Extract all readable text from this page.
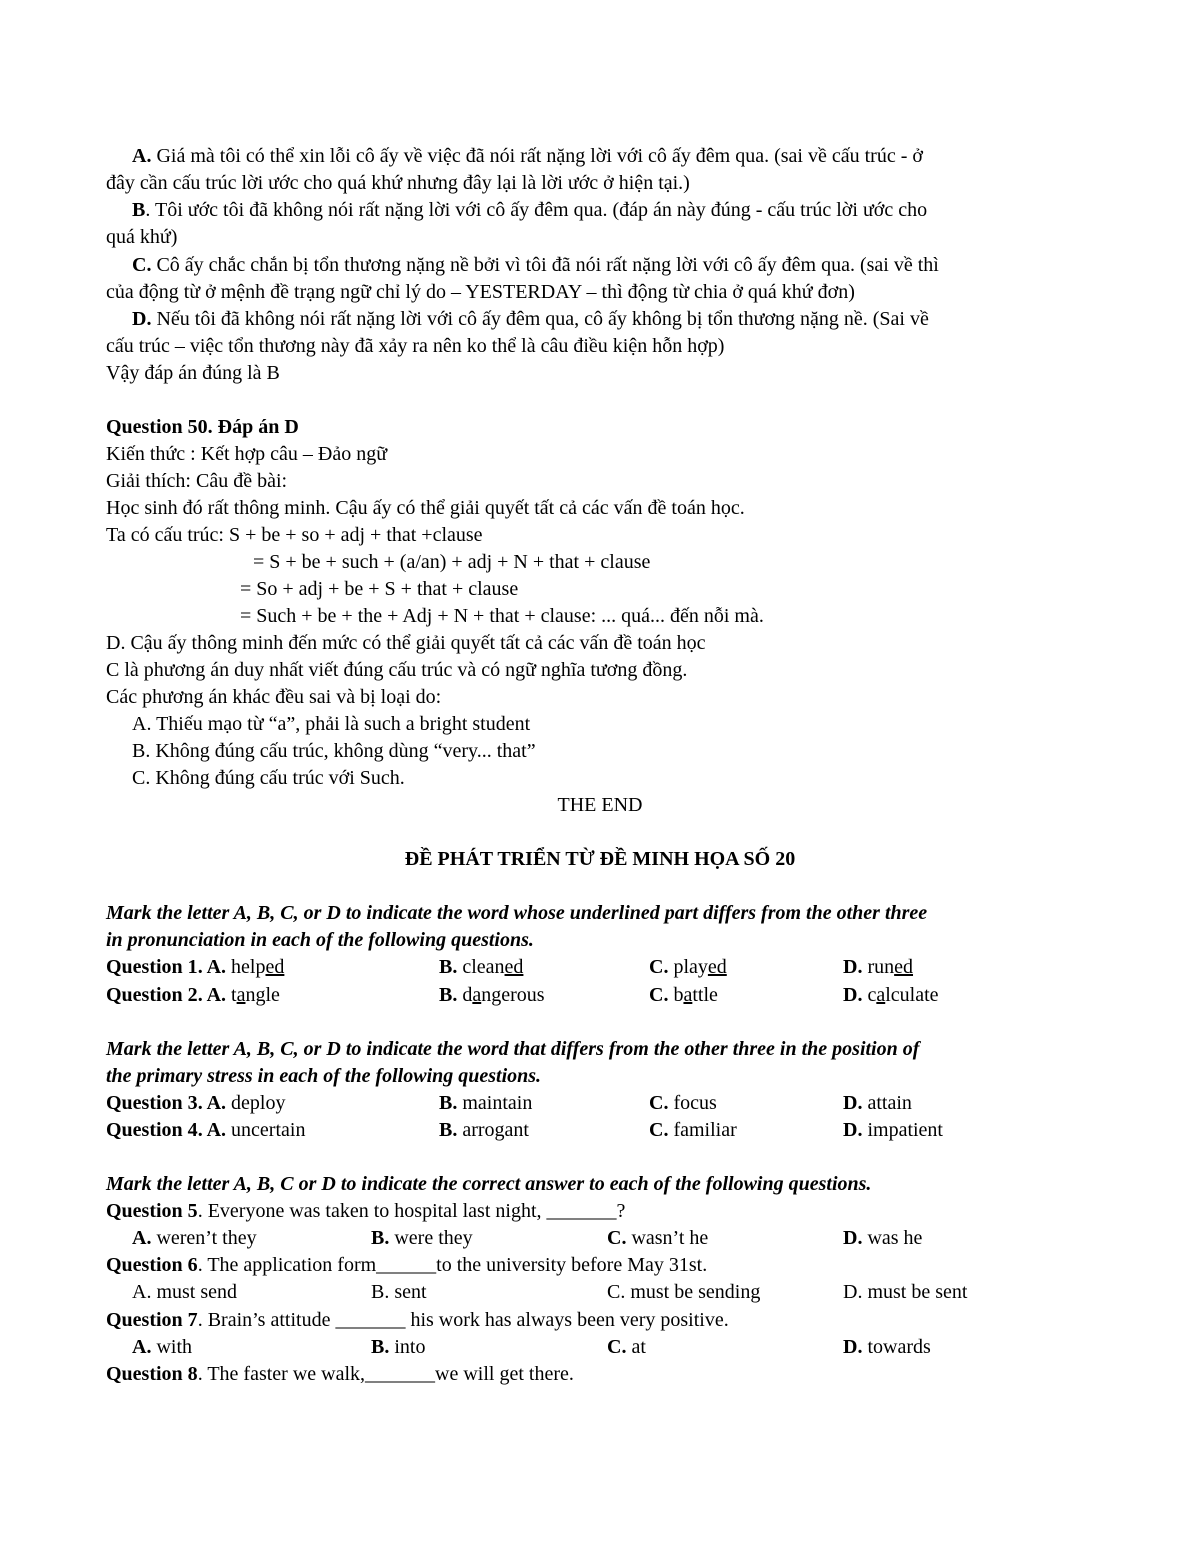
A. Giá mà tôi có thể xin lỗi cô ấy về việc đã nói rất nặng lời với cô ấy đêm qua. (sai về cấu trúc - ở
đây cần cấu trúc lời ước cho quá khứ nhưng đây lại là lời ước ở hiện tại.)
B. Tôi ước tôi đã không nói rất nặng lời với cô ấy đêm qua. (đáp án này đúng - cấu trúc lời ước cho
quá khứ)
C. Cô ấy chắc chắn bị tổn thương nặng nề bởi vì tôi đã nói rất nặng lời với cô ấy đêm qua. (sai về thì
của động từ ở mệnh đề trạng ngữ chỉ lý do – YESTERDAY – thì động từ chia ở quá khứ đơn)
D. Nếu tôi đã không nói rất nặng lời với cô ấy đêm qua, cô ấy không bị tổn thương nặng nề. (Sai về
cấu trúc – việc tổn thương này đã xảy ra nên ko thể là câu điều kiện hỗn hợp)
Vậy đáp án đúng là B
Question 50. Đáp án D
Kiến thức : Kết hợp câu – Đảo ngữ
Giải thích: Câu đề bài:
Học sinh đó rất thông minh. Cậu ấy có thể giải quyết tất cả các vấn đề toán học.
Ta có cấu trúc: S + be + so + adj + that +clause
= S + be + such + (a/an) + adj + N + that + clause
= So + adj + be + S + that + clause
= Such + be + the + Adj + N + that + clause: ... quá... đến nỗi mà.
D. Cậu ấy thông minh đến mức có thể giải quyết tất cả các vấn đề toán học
C là phương án duy nhất viết đúng cấu trúc và có ngữ nghĩa tương đồng.
Các phương án khác đều sai và bị loại do:
A. Thiếu mạo từ “a”, phải là such a bright student
B. Không đúng cấu trúc, không dùng “very... that”
C. Không đúng cấu trúc với Such.
THE END
ĐỀ PHÁT TRIỂN TỪ ĐỀ MINH HỌA SỐ 20
Mark the letter A, B, C, or D to indicate the word whose underlined part differs from the other three
in pronunciation in each of the following questions.
Question 1. A. helped	B. cleaned	C. played	D. runed
Question 2. A. tangle	B. dangerous	C. battle	D. calculate
Mark the letter A, B, C, or D to indicate the word that differs from the other three in the position of
the primary stress in each of the following questions.
Question 3. A. deploy	B. maintain	C. focus	D. attain
Question 4. A. uncertain	B. arrogant	C. familiar	D. impatient
Mark the letter A, B, C or D to indicate the correct answer to each of the following questions.
Question 5. Everyone was taken to hospital last night, _______?
A. weren’t they	B. were they	C. wasn’t he	D. was he
Question 6. The application form______to the university before May 31st.
A. must send	B. sent	C. must be sending	D. must be sent
Question 7. Brain’s attitude _______ his work has always been very positive.
A. with	B. into	C. at	D. towards
Question 8. The faster we walk,_______we will get there.
